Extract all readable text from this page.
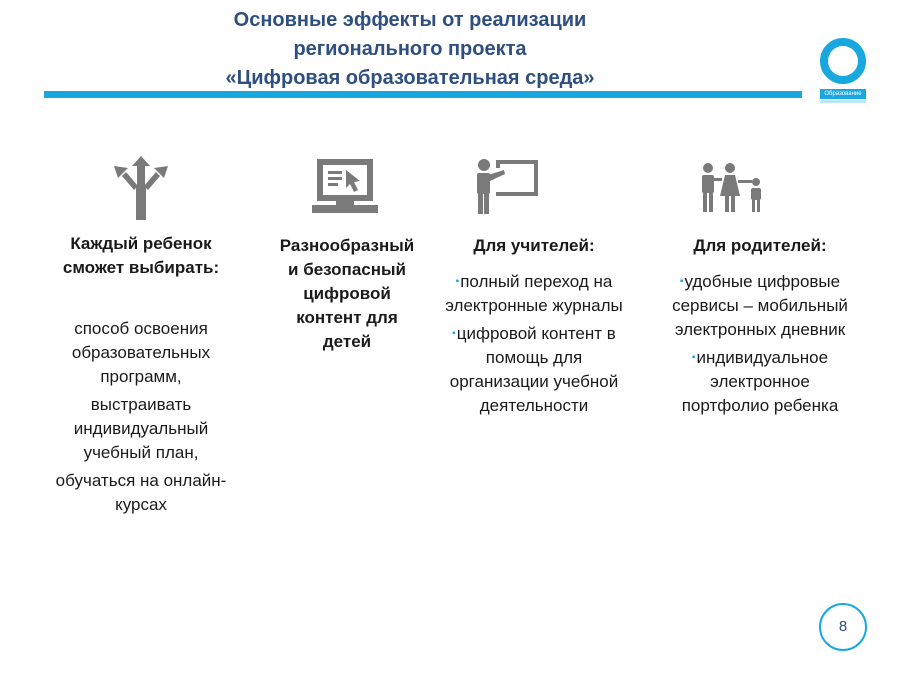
Основные эффекты от реализации
регионального проекта
«Цифровая образовательная среда»
Образование
Каждый ребенок
сможет выбирать:
способ освоения
образовательных
программ,
выстраивать
индивидуальный
учебный план,
обучаться на онлайн-
курсах
Разнообразный
и безопасный
цифровой
контент для
детей
Для учителей:
▪полный переход на
электронные журналы
▪цифровой контент в
помощь для
организации учебной
деятельности
Для родителей:
▪удобные цифровые
сервисы – мобильный
электронных дневник
▪индивидуальное
электронное
портфолио ребенка
8
